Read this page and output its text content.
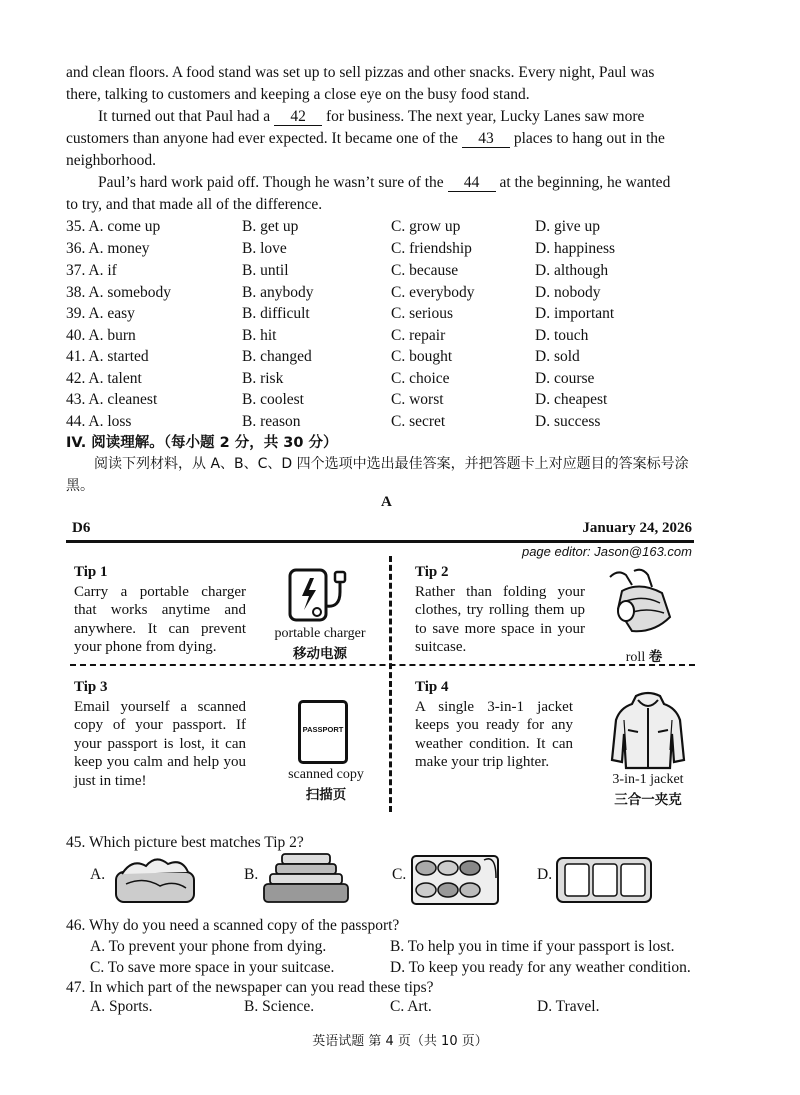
and clean floors. A food stand was set up to sell pizzas and other snacks. Every night, Paul was
there, talking to customers and keeping a close eye on the busy food stand.
It turned out that Paul had a 42 for business. The next year, Lucky Lanes saw more
customers than anyone had ever expected. It became one of the 43 places to hang out in the
neighborhood.
Paul’s hard work paid off. Though he wasn’t sure of the 44 at the beginning, he wanted
to try, and that made all of the difference.
35. A. come up	B. get up	C. grow up	D. give up
36. A. money	B. love	C. friendship	D. happiness
37. A. if	B. until	C. because	D. although
38. A. somebody	B. anybody	C. everybody	D. nobody
39. A. easy	B. difficult	C. serious	D. important
40. A. burn	B. hit	C. repair	D. touch
41. A. started	B. changed	C. bought	D. sold
42. A. talent	B. risk	C. choice	D. course
43. A. cleanest	B. coolest	C. worst	D. cheapest
44. A. loss	B. reason	C. secret	D. success
IV. 阅读理解。（每小题 2 分，共 30 分）
阅读下列材料，从 A、B、C、D 四个选项中选出最佳答案，并把答题卡上对应题目的答案标号涂黑。
A
D6	January 24, 2026
page editor: Jason@163.com
Tip 1

Carry a portable charger that works anytime and anywhere. It can prevent your phone from dying.

portable charger
移动电源
Tip 2

Rather than folding your clothes, try rolling them up to save more space in your suitcase.

roll 卷
Tip 3

Email yourself a scanned copy of your passport. If your passport is lost, it can keep you calm and help you just in time!

PASSPORT
scanned copy
扫描页
Tip 4

A single 3-in-1 jacket keeps you ready for any weather condition. It can make your trip lighter.

3-in-1 jacket
三合一夹克
45. Which picture best matches Tip 2?
A.	B.	C.	D.
46. Why do you need a scanned copy of the passport?
A. To prevent your phone from dying.	B. To help you in time if your passport is lost.
C. To save more space in your suitcase.	D. To keep you ready for any weather condition.
47. In which part of the newspaper can you read these tips?
A. Sports.	B. Science.	C. Art.	D. Travel.
英语试题 第 4 页（共 10 页）
